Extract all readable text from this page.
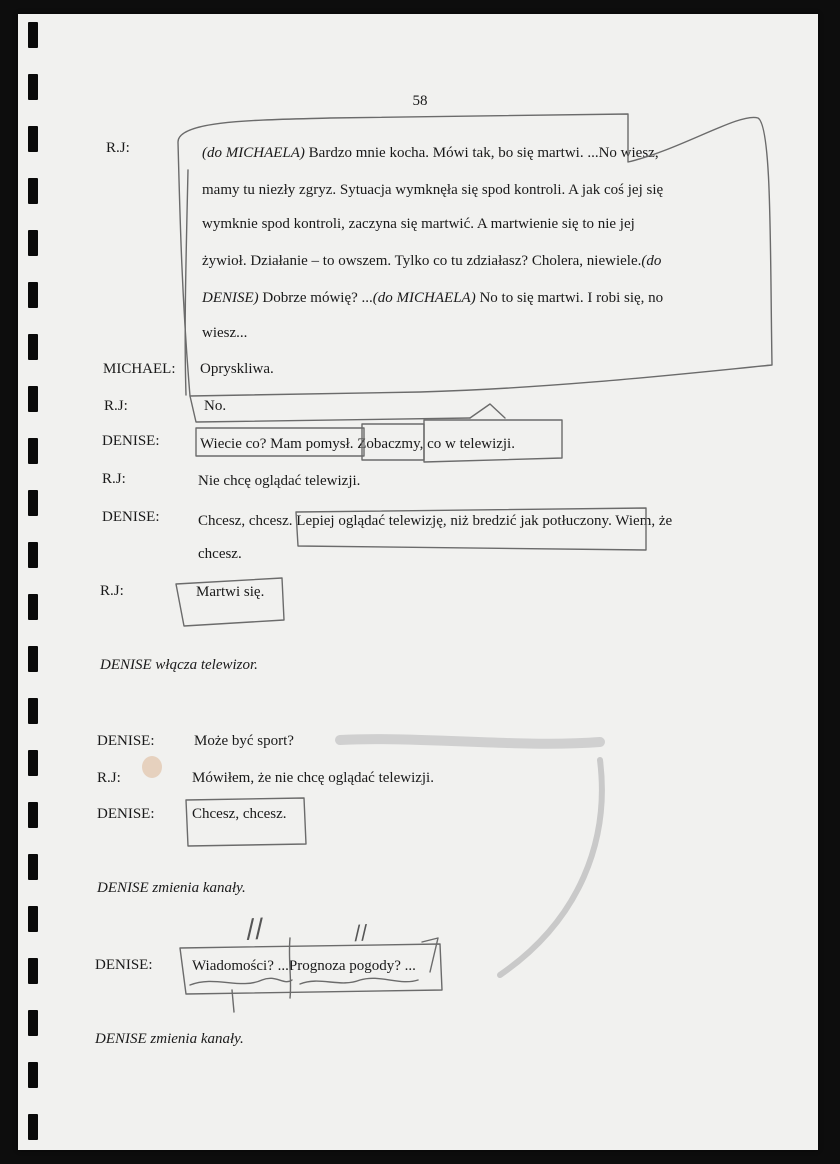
58
R.J:
MICHAEL:
R.J:
DENISE:
R.J:
DENISE:
R.J:
DENISE:
R.J:
DENISE:
DENISE:
(do MICHAELA) Bardzo mnie kocha. Mówi tak, bo się martwi. ...No wiesz,
mamy tu niezły zgryz. Sytuacja wymknęła się spod kontroli. A jak coś jej się
wymknie spod kontroli, zaczyna się martwić. A martwienie się to nie jej
żywioł. Działanie – to owszem. Tylko co tu zdziałasz? Cholera, niewiele.(do
DENISE) Dobrze mówię? ...(do MICHAELA) No to się martwi. I robi się, no
wiesz...
Opryskliwa.
No.
Wiecie co? Mam pomysł. Zobaczmy, co w telewizji.
Nie chcę oglądać telewizji.
Chcesz, chcesz. Lepiej oglądać telewizję, niż bredzić jak potłuczony. Wiem, że
chcesz.
Martwi się.
DENISE włącza telewizor.
Może być sport?
Mówiłem, że nie chcę oglądać telewizji.
Chcesz, chcesz.
DENISE zmienia kanały.
Wiadomości? ...Prognoza pogody? ...
DENISE zmienia kanały.
//	//
